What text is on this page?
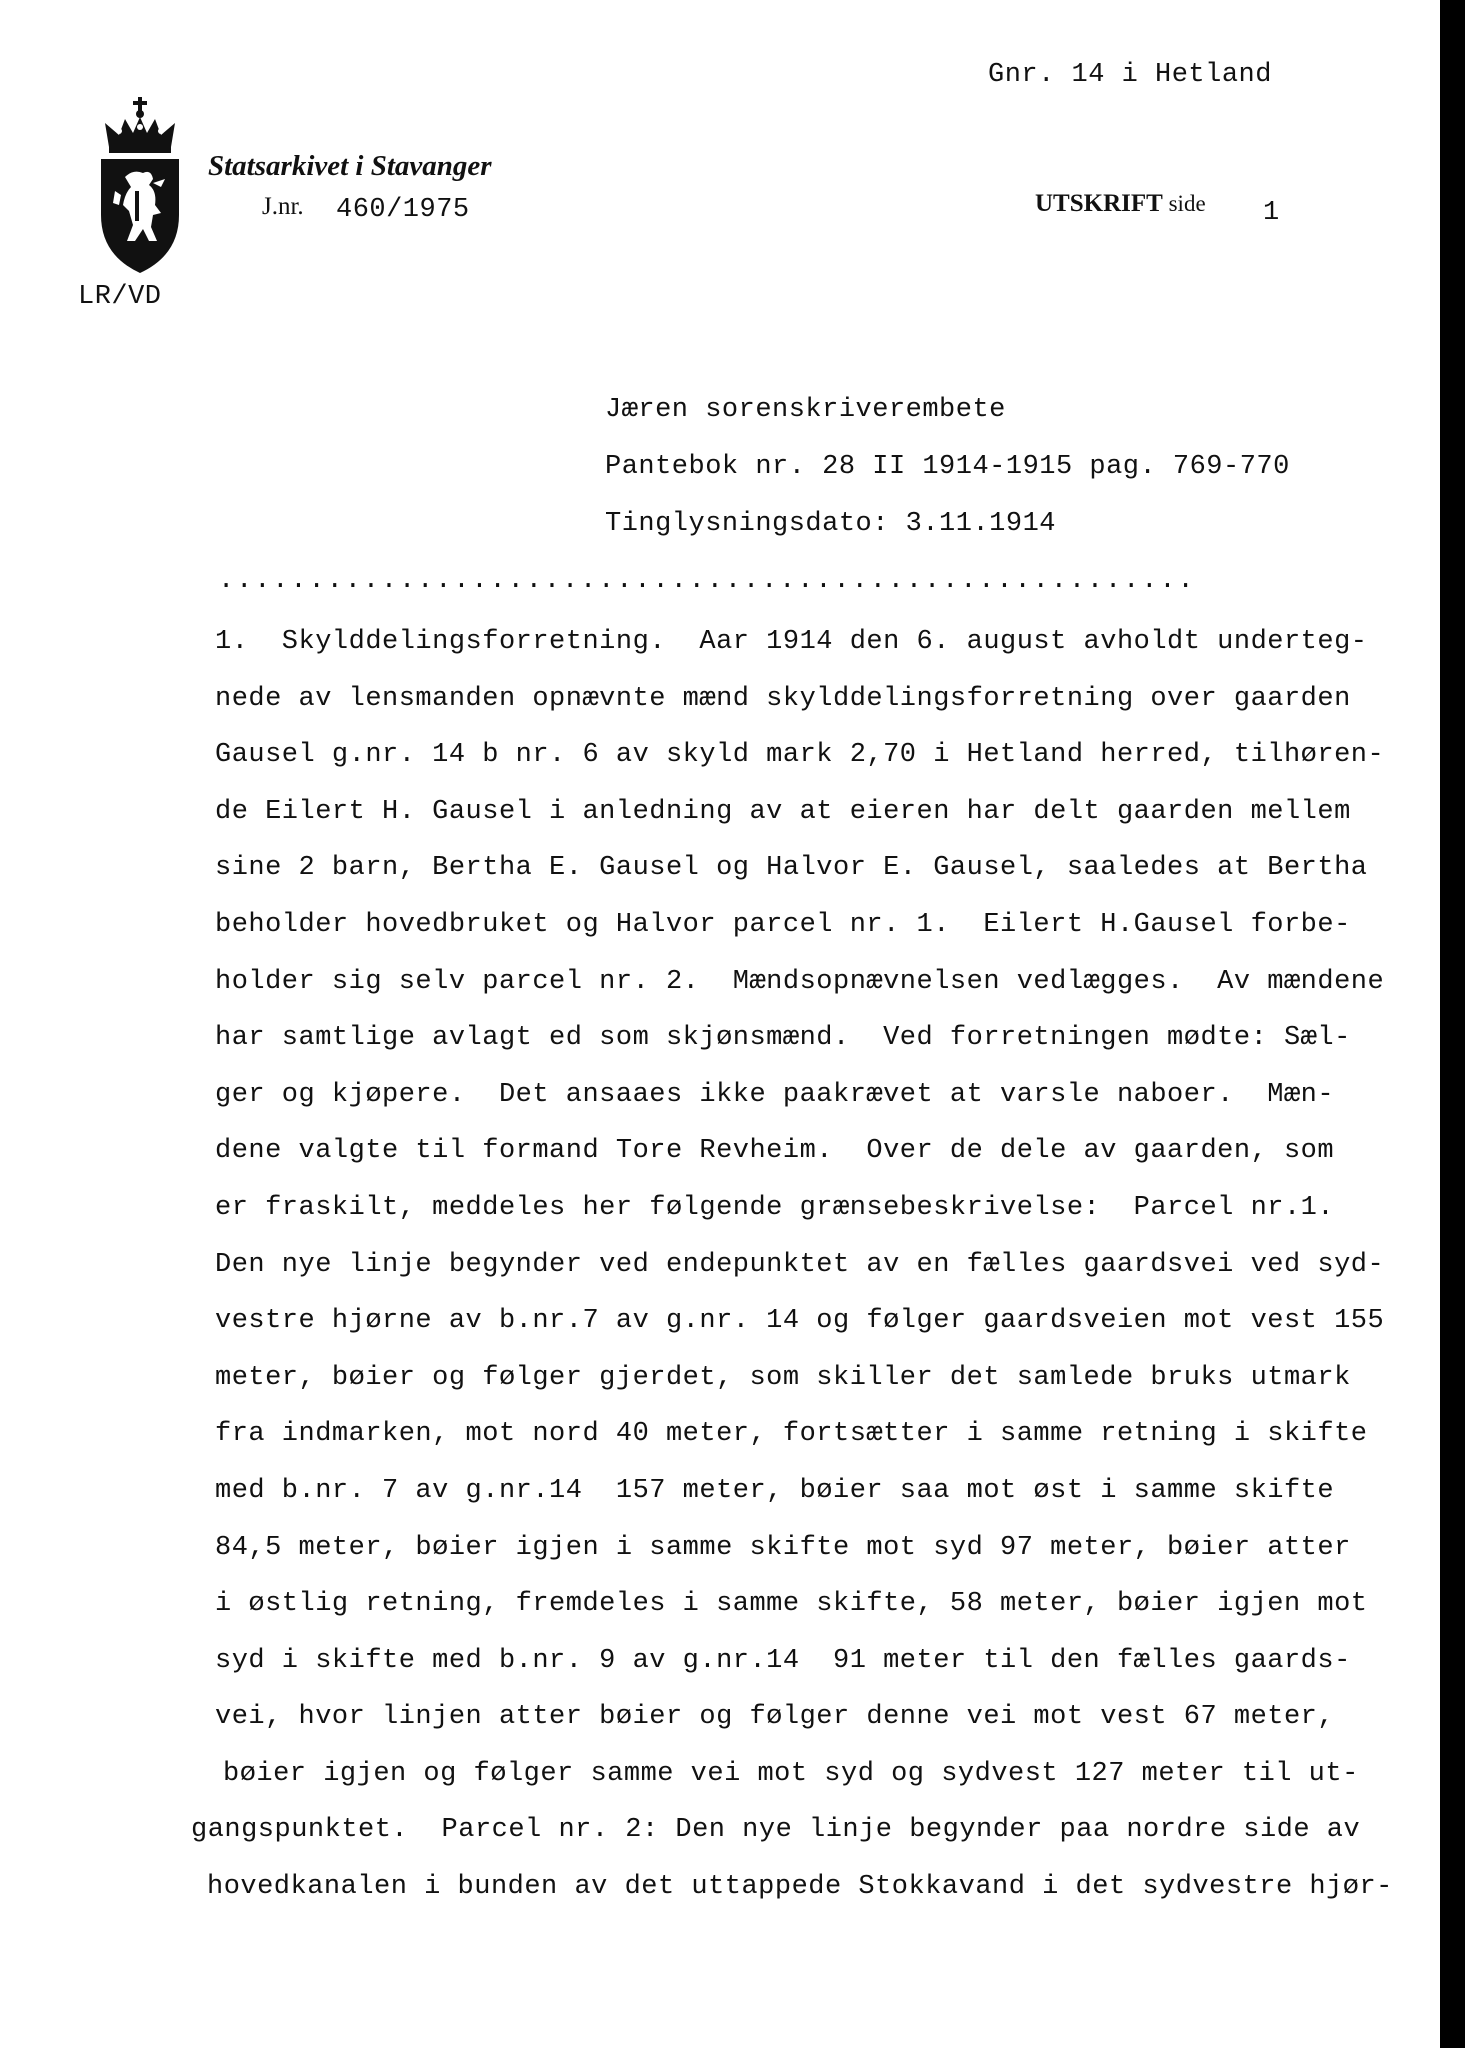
Gnr. 14 i Hetland
Statsarkivet i Stavanger
J.nr. 460/1975	UTSKRIFT side 1
LR/VD
Jæren sorenskriverembete
Pantebok nr. 28 II 1914-1915 pag. 769-770
Tinglysningsdato: 3.11.1914
......................................................
1.  Skylddelingsforretning.  Aar 1914 den 6. august avholdt underteg-
nede av lensmanden opnævnte mænd skylddelingsforretning over gaarden
Gausel g.nr. 14 b nr. 6 av skyld mark 2,70 i Hetland herred, tilhøren-
de Eilert H. Gausel i anledning av at eieren har delt gaarden mellem
sine 2 barn, Bertha E. Gausel og Halvor E. Gausel, saaledes at Bertha
beholder hovedbruket og Halvor parcel nr. 1.  Eilert H.Gausel forbe-
holder sig selv parcel nr. 2.  Mændsopnævnelsen vedlægges.  Av mændene
har samtlige avlagt ed som skjønsmænd.  Ved forretningen mødte: Sæl-
ger og kjøpere.  Det ansaaes ikke paakrævet at varsle naboer.  Mæn-
dene valgte til formand Tore Revheim.  Over de dele av gaarden, som
er fraskilt, meddeles her følgende grænsebeskrivelse:  Parcel nr.1.
Den nye linje begynder ved endepunktet av en fælles gaardsvei ved syd-
vestre hjørne av b.nr.7 av g.nr. 14 og følger gaardsveien mot vest 155
meter, bøier og følger gjerdet, som skiller det samlede bruks utmark
fra indmarken, mot nord 40 meter, fortsætter i samme retning i skifte
med b.nr. 7 av g.nr.14  157 meter, bøier saa mot øst i samme skifte
84,5 meter, bøier igjen i samme skifte mot syd 97 meter, bøier atter
i østlig retning, fremdeles i samme skifte, 58 meter, bøier igjen mot
syd i skifte med b.nr. 9 av g.nr.14  91 meter til den fælles gaards-
vei, hvor linjen atter bøier og følger denne vei mot vest 67 meter,
bøier igjen og følger samme vei mot syd og sydvest 127 meter til ut-
gangspunktet.  Parcel nr. 2: Den nye linje begynder paa nordre side av
hovedkanalen i bunden av det uttappede Stokkavand i det sydvestre hjør-
